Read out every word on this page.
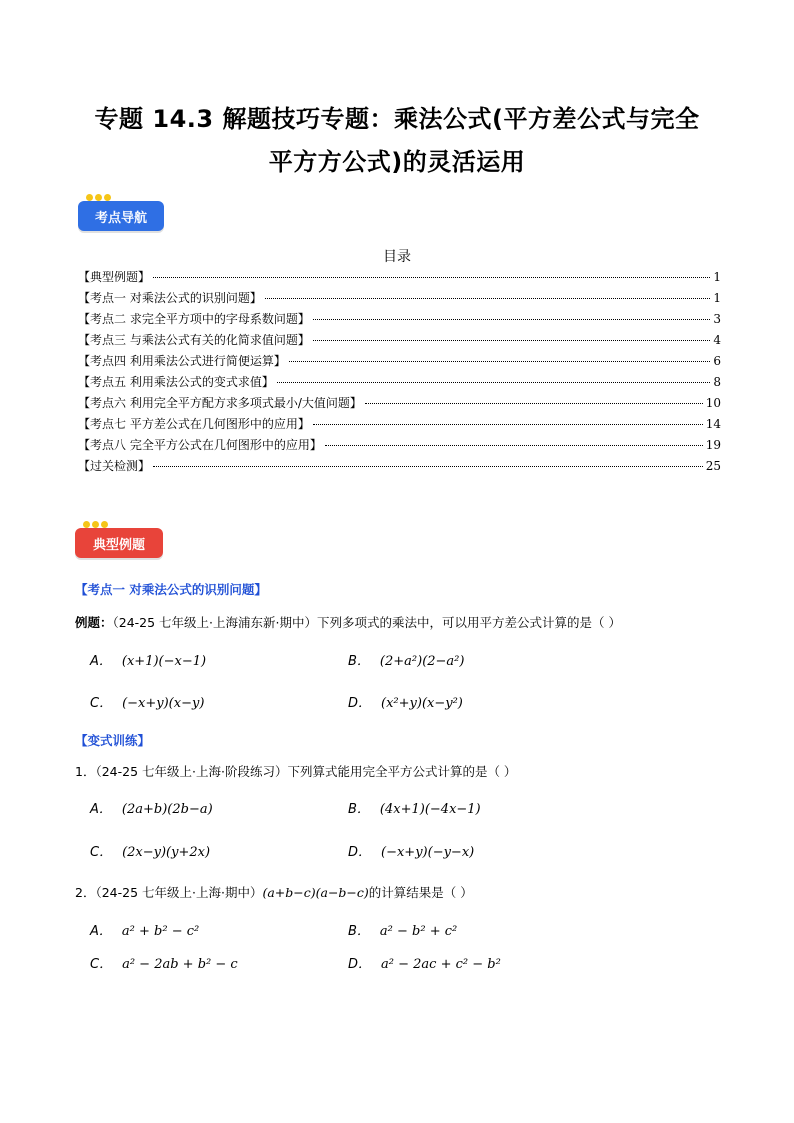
专题 14.3 解题技巧专题：乘法公式(平方差公式与完全
平方方公式)的灵活运用
考点导航
目录
【典型例题】	1
【考点一 对乘法公式的识别问题】	1
【考点二 求完全平方项中的字母系数问题】	3
【考点三 与乘法公式有关的化简求值问题】	4
【考点四 利用乘法公式进行简便运算】	6
【考点五 利用乘法公式的变式求值】	8
【考点六 利用完全平方配方求多项式最小/大值问题】	10
【考点七 平方差公式在几何图形中的应用】	14
【考点八 完全平方公式在几何图形中的应用】	19
【过关检测】	25
典型例题
【考点一 对乘法公式的识别问题】
例题：（24-25 七年级上·上海浦东新·期中）下列多项式的乘法中，可以用平方差公式计算的是（ ）
A． (x+1)(−x−1)	B． (2+a²)(2−a²)
C． (−x+y)(x−y)	D． (x²+y)(x−y²)
【变式训练】
1．（24-25 七年级上·上海·阶段练习）下列算式能用完全平方公式计算的是（ ）
A． (2a+b)(2b−a)	B． (4x+1)(−4x−1)
C． (2x−y)(y+2x)	D． (−x+y)(−y−x)
2．（24-25 七年级上·上海·期中）(a+b−c)(a−b−c)的计算结果是（ ）
A． a² + b² − c²	B． a² − b² + c²
C． a² − 2ab + b² − c	D． a² − 2ac + c² − b²
